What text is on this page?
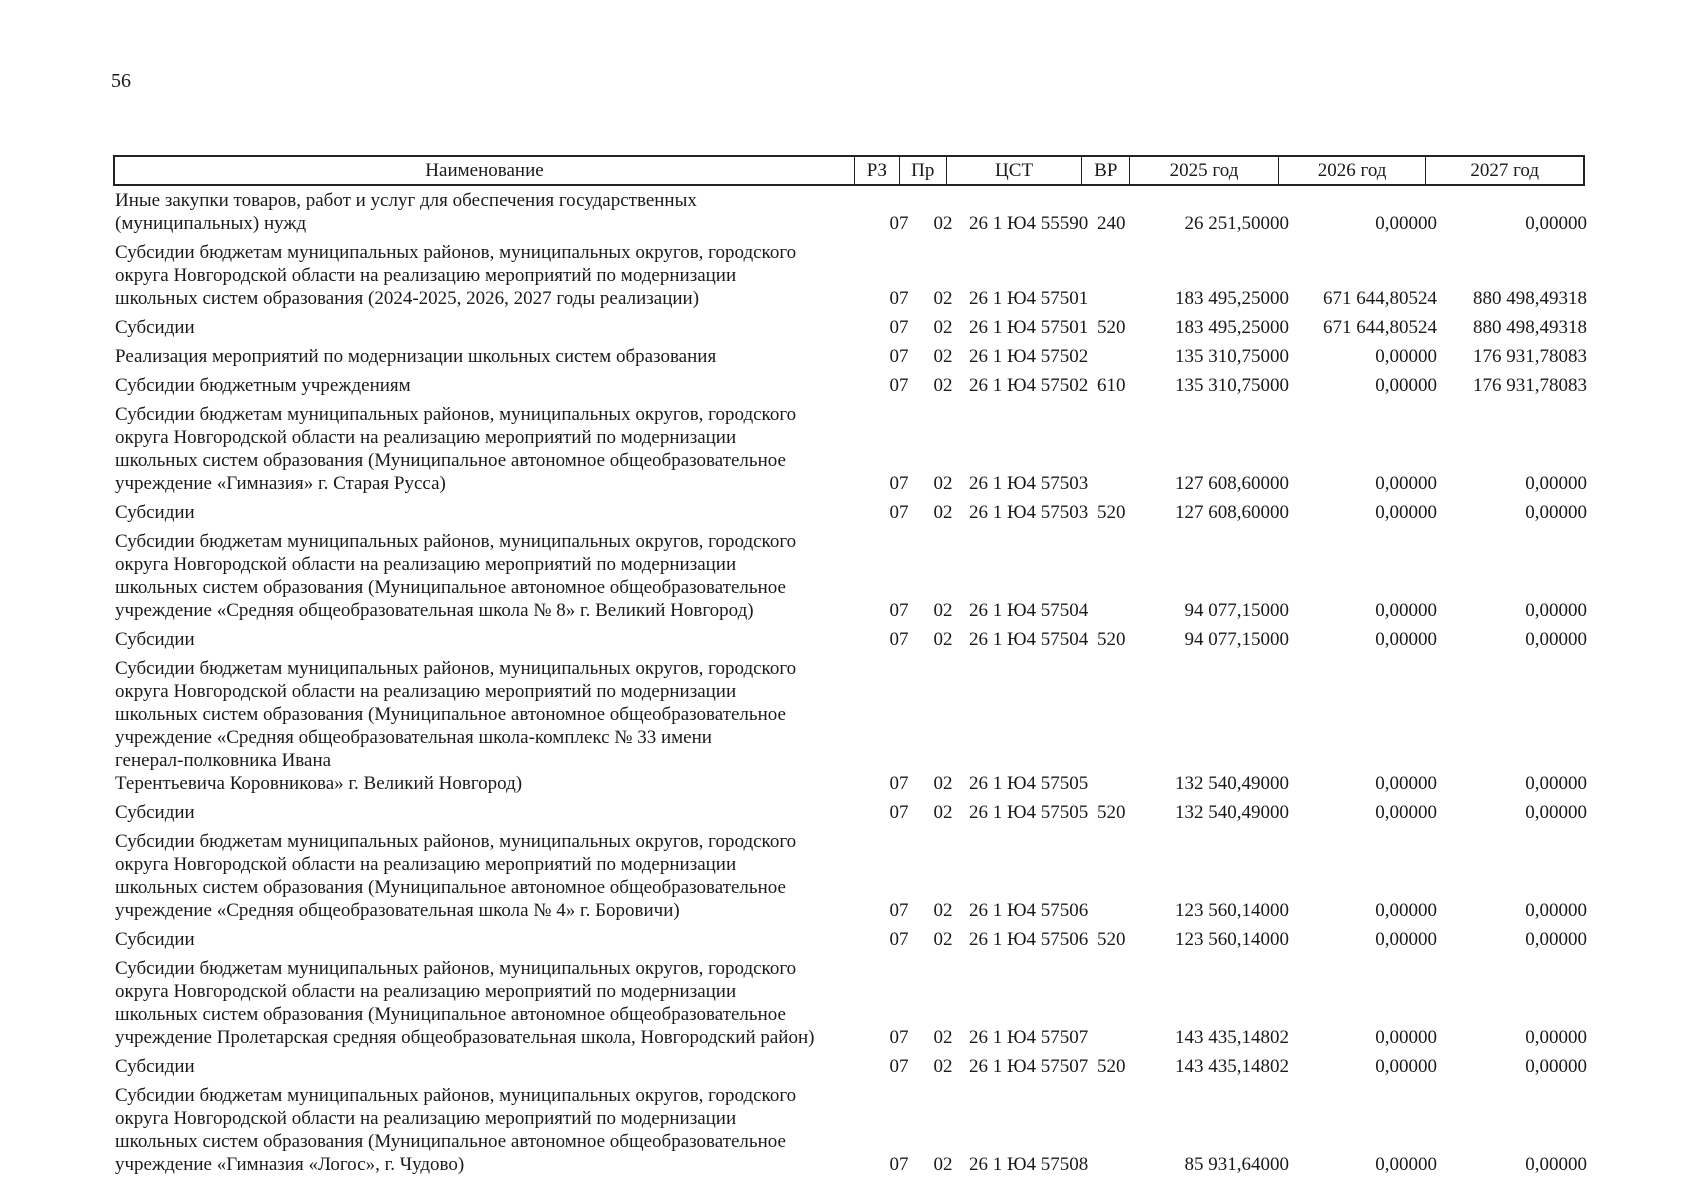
56
Наименование	РЗ	Пр	ЦСТ	ВР	2025 год	2026 год	2027 год
Иные закупки товаров, работ и услуг для обеспечения государственных
(муниципальных) нужд	07	02 26 1 Ю4 55590 240	26 251,50000	0,00000	0,00000
Субсидии бюджетам муниципальных районов, муниципальных округов, городского
округа Новгородской области на реализацию мероприятий по модернизации
школьных систем образования (2024-2025, 2026, 2027 годы реализации)	07	02 26 1 Ю4 57501	183 495,25000	671 644,80524	880 498,49318
Субсидии	07	02 26 1 Ю4 57501 520	183 495,25000	671 644,80524	880 498,49318
Реализация мероприятий по модернизации школьных систем образования	07	02 26 1 Ю4 57502	135 310,75000	0,00000	176 931,78083
Субсидии бюджетным учреждениям	07	02 26 1 Ю4 57502 610	135 310,75000	0,00000	176 931,78083
Субсидии бюджетам муниципальных районов, муниципальных округов, городского
округа Новгородской области на реализацию мероприятий по модернизации
школьных систем образования (Муниципальное автономное общеобразовательное
учреждение «Гимназия» г. Старая Русса)	07	02 26 1 Ю4 57503	127 608,60000	0,00000	0,00000
Субсидии	07	02 26 1 Ю4 57503 520	127 608,60000	0,00000	0,00000
Субсидии бюджетам муниципальных районов, муниципальных округов, городского
округа Новгородской области на реализацию мероприятий по модернизации
школьных систем образования (Муниципальное автономное общеобразовательное
учреждение «Средняя общеобразовательная школа № 8» г. Великий Новгород)	07	02 26 1 Ю4 57504	94 077,15000	0,00000	0,00000
Субсидии	07	02 26 1 Ю4 57504 520	94 077,15000	0,00000	0,00000
Субсидии бюджетам муниципальных районов, муниципальных округов, городского
округа Новгородской области на реализацию мероприятий по модернизации
школьных систем образования (Муниципальное автономное общеобразовательное
учреждение «Средняя общеобразовательная школа-комплекс № 33 имени
генерал-полковника Ивана
Терентьевича Коровникова» г. Великий Новгород)	07	02 26 1 Ю4 57505	132 540,49000	0,00000	0,00000
Субсидии	07	02 26 1 Ю4 57505 520	132 540,49000	0,00000	0,00000
Субсидии бюджетам муниципальных районов, муниципальных округов, городского
округа Новгородской области на реализацию мероприятий по модернизации
школьных систем образования (Муниципальное автономное общеобразовательное
учреждение «Средняя общеобразовательная школа № 4» г. Боровичи)	07	02 26 1 Ю4 57506	123 560,14000	0,00000	0,00000
Субсидии	07	02 26 1 Ю4 57506 520	123 560,14000	0,00000	0,00000
Субсидии бюджетам муниципальных районов, муниципальных округов, городского
округа Новгородской области на реализацию мероприятий по модернизации
школьных систем образования (Муниципальное автономное общеобразовательное
учреждение Пролетарская средняя общеобразовательная школа, Новгородский район)	07	02 26 1 Ю4 57507	143 435,14802	0,00000	0,00000
Субсидии	07	02 26 1 Ю4 57507 520	143 435,14802	0,00000	0,00000
Субсидии бюджетам муниципальных районов, муниципальных округов, городского
округа Новгородской области на реализацию мероприятий по модернизации
школьных систем образования (Муниципальное автономное общеобразовательное
учреждение «Гимназия «Логос», г. Чудово)	07	02 26 1 Ю4 57508	85 931,64000	0,00000	0,00000
